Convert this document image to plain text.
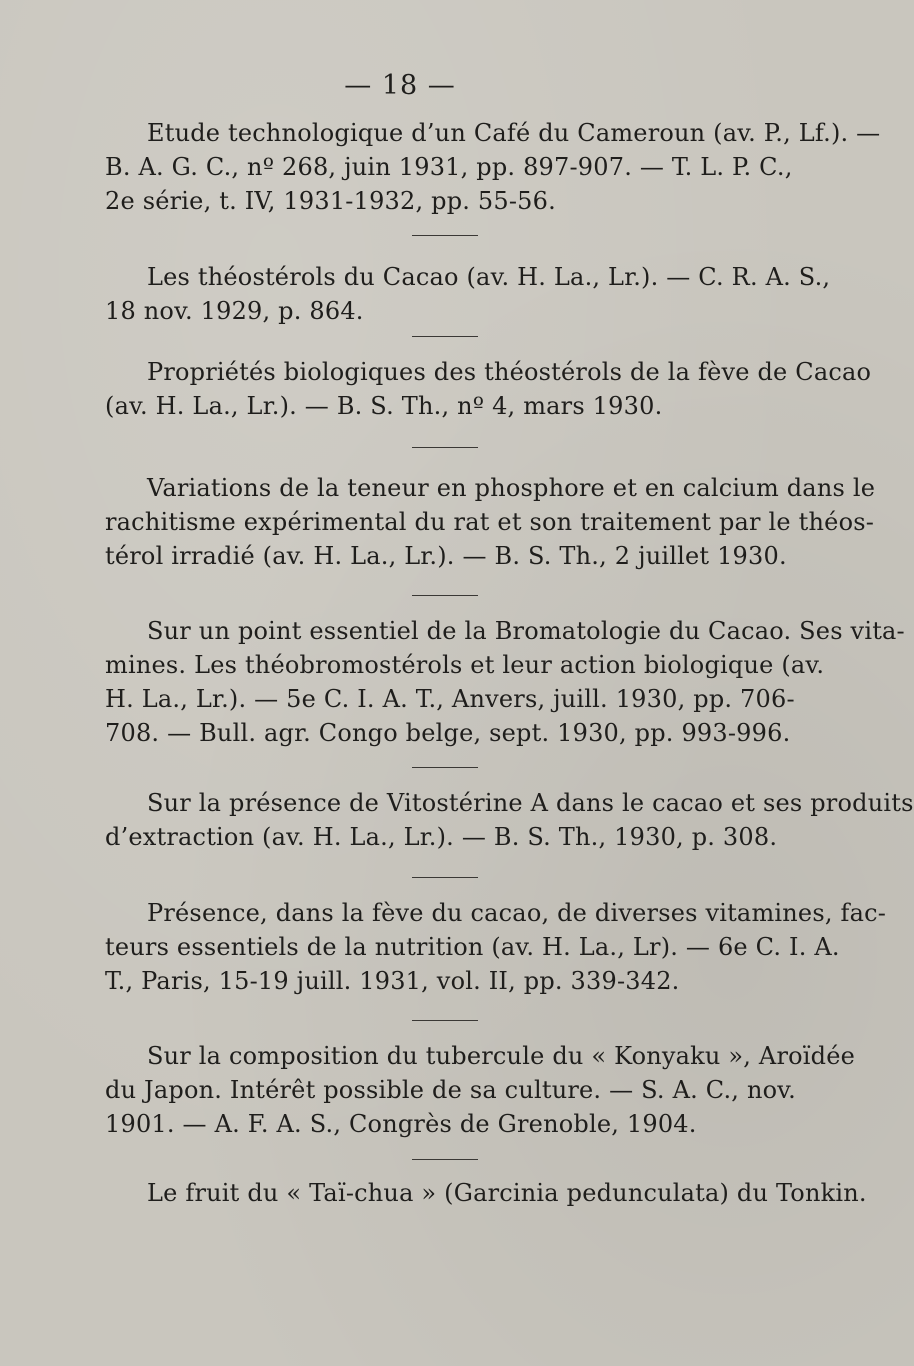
— 18 —
Etude technologique d’un Café du Cameroun (av. P., Lf.). —
B. A. G. C., nº 268, juin 1931, pp. 897-907. — T. L. P. C.,
2e série, t. IV, 1931-1932, pp. 55-56.
Les théostérols du Cacao (av. H. La., Lr.). — C. R. A. S.,
18 nov. 1929, p. 864.
Propriétés biologiques des théostérols de la fève de Cacao
(av. H. La., Lr.). — B. S. Th., nº 4, mars 1930.
Variations de la teneur en phosphore et en calcium dans le
rachitisme expérimental du rat et son traitement par le théos-
térol irradié (av. H. La., Lr.). — B. S. Th., 2 juillet 1930.
Sur un point essentiel de la Bromatologie du Cacao. Ses vita-
mines. Les théobromostérols et leur action biologique (av.
H. La., Lr.). — 5e C. I. A. T., Anvers, juill. 1930, pp. 706-
708. — Bull. agr. Congo belge, sept. 1930, pp. 993-996.
Sur la présence de Vitostérine A dans le cacao et ses produits
d’extraction (av. H. La., Lr.). — B. S. Th., 1930, p. 308.
Présence, dans la fève du cacao, de diverses vitamines, fac-
teurs essentiels de la nutrition (av. H. La., Lr). — 6e C. I. A.
T., Paris, 15-19 juill. 1931, vol. II, pp. 339-342.
Sur la composition du tubercule du « Konyaku », Aroïdée
du Japon. Intérêt possible de sa culture. — S. A. C., nov.
1901. — A. F. A. S., Congrès de Grenoble, 1904.
Le fruit du « Taï-chua » (Garcinia pedunculata) du Tonkin.
